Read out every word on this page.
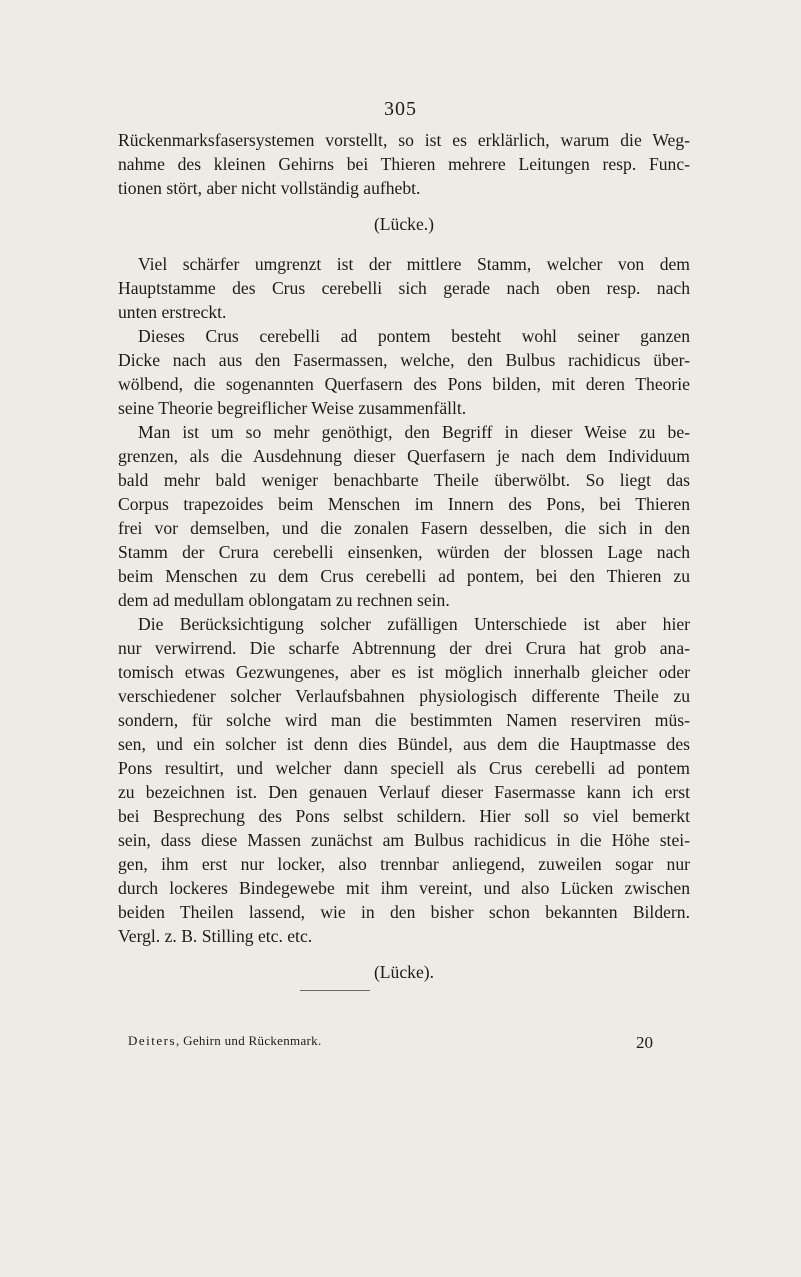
305
Rückenmarksfasersystemen vorstellt, so ist es erklärlich, warum die Weg-
nahme des kleinen Gehirns bei Thieren mehrere Leitungen resp. Func-
tionen stört, aber nicht vollständig aufhebt.
(Lücke.)
Viel schärfer umgrenzt ist der mittlere Stamm, welcher von dem
Hauptstamme des Crus cerebelli sich gerade nach oben resp. nach
unten erstreckt.
Dieses Crus cerebelli ad pontem besteht wohl seiner ganzen
Dicke nach aus den Fasermassen, welche, den Bulbus rachidicus über-
wölbend, die sogenannten Querfasern des Pons bilden, mit deren Theorie
seine Theorie begreiflicher Weise zusammenfällt.
Man ist um so mehr genöthigt, den Begriff in dieser Weise zu be-
grenzen, als die Ausdehnung dieser Querfasern je nach dem Individuum
bald mehr bald weniger benachbarte Theile überwölbt. So liegt das
Corpus trapezoides beim Menschen im Innern des Pons, bei Thieren
frei vor demselben, und die zonalen Fasern desselben, die sich in den
Stamm der Crura cerebelli einsenken, würden der blossen Lage nach
beim Menschen zu dem Crus cerebelli ad pontem, bei den Thieren zu
dem ad medullam oblongatam zu rechnen sein.
Die Berücksichtigung solcher zufälligen Unterschiede ist aber hier
nur verwirrend. Die scharfe Abtrennung der drei Crura hat grob ana-
tomisch etwas Gezwungenes, aber es ist möglich innerhalb gleicher oder
verschiedener solcher Verlaufsbahnen physiologisch differente Theile zu
sondern, für solche wird man die bestimmten Namen reserviren müs-
sen, und ein solcher ist denn dies Bündel, aus dem die Hauptmasse des
Pons resultirt, und welcher dann speciell als Crus cerebelli ad pontem
zu bezeichnen ist. Den genauen Verlauf dieser Fasermasse kann ich erst
bei Besprechung des Pons selbst schildern. Hier soll so viel bemerkt
sein, dass diese Massen zunächst am Bulbus rachidicus in die Höhe stei-
gen, ihm erst nur locker, also trennbar anliegend, zuweilen sogar nur
durch lockeres Bindegewebe mit ihm vereint, und also Lücken zwischen
beiden Theilen lassend, wie in den bisher schon bekannten Bildern.
Vergl. z. B. Stilling etc. etc.
(Lücke).
Deiters, Gehirn und Rückenmark.	20
